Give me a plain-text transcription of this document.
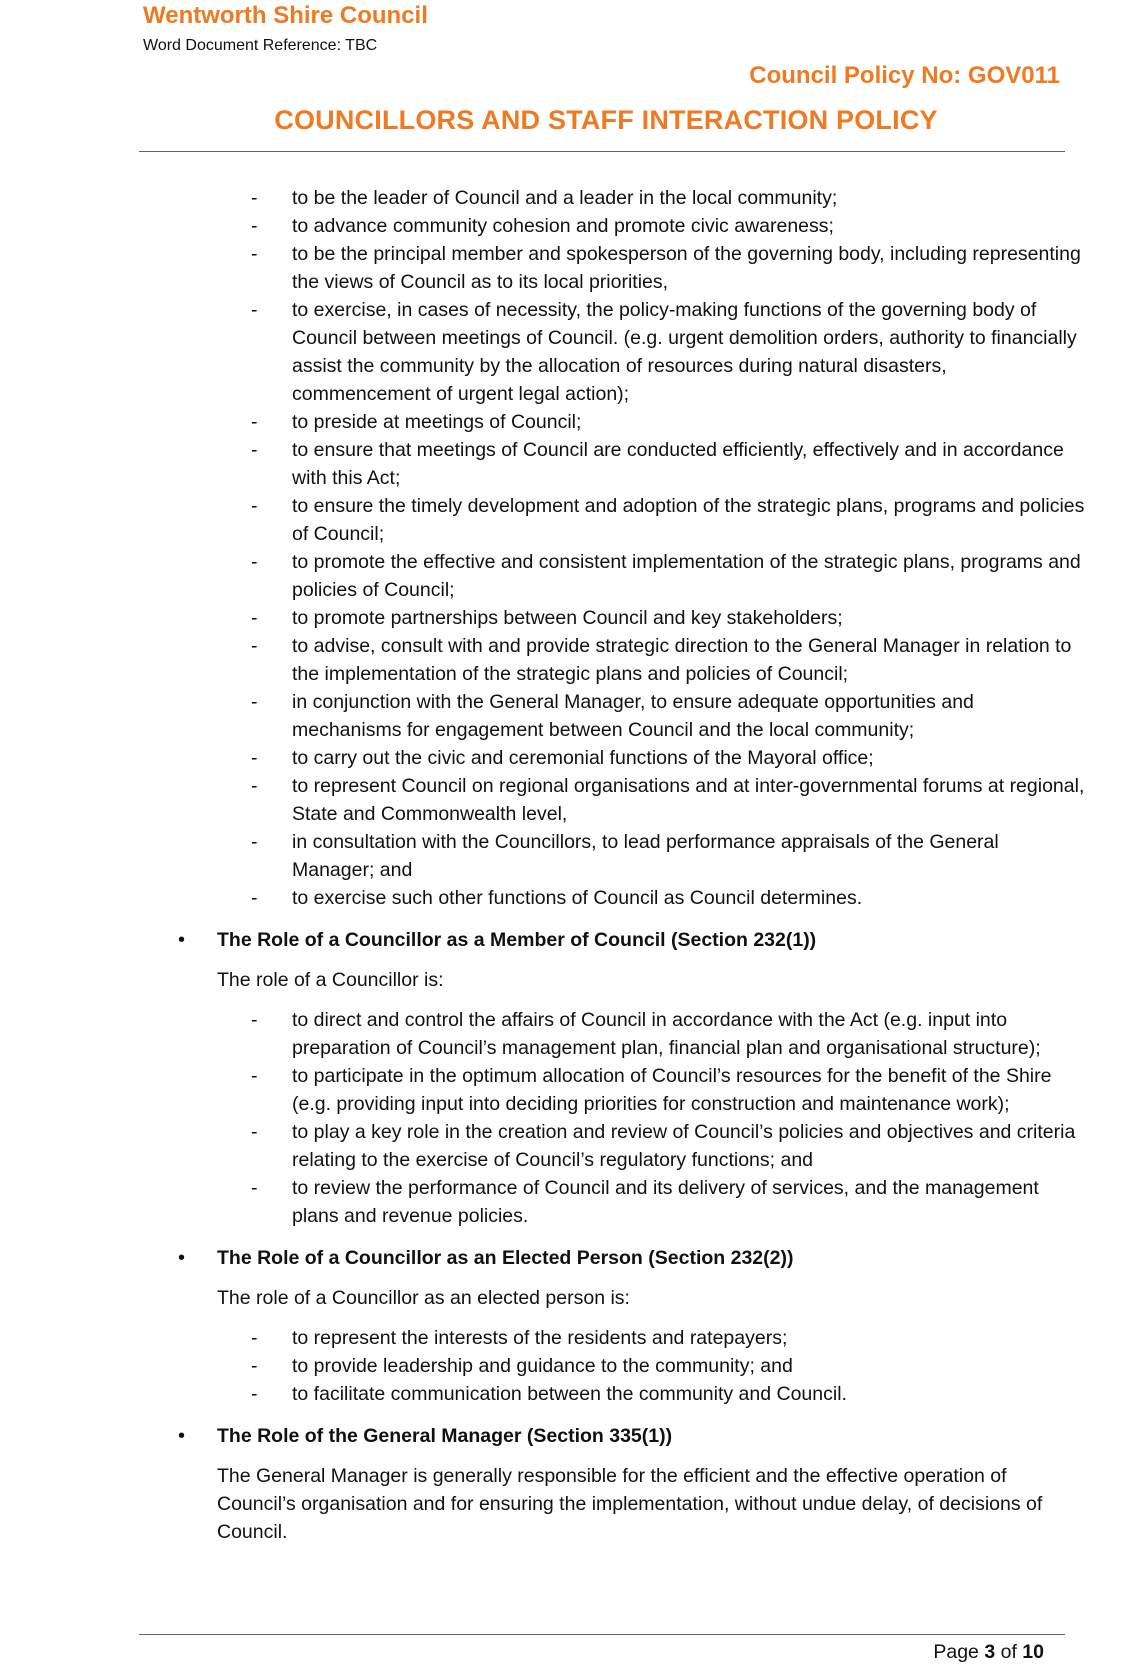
Wentworth Shire Council
Word Document Reference: TBC
Council Policy No: GOV011
COUNCILLORS AND STAFF INTERACTION POLICY
- to be the leader of Council and a leader in the local community;
- to advance community cohesion and promote civic awareness;
- to be the principal member and spokesperson of the governing body, including representing the views of Council as to its local priorities,
- to exercise, in cases of necessity, the policy-making functions of the governing body of Council between meetings of Council. (e.g. urgent demolition orders, authority to financially assist the community by the allocation of resources during natural disasters, commencement of urgent legal action);
- to preside at meetings of Council;
- to ensure that meetings of Council are conducted efficiently, effectively and in accordance with this Act;
- to ensure the timely development and adoption of the strategic plans, programs and policies of Council;
- to promote the effective and consistent implementation of the strategic plans, programs and policies of Council;
- to promote partnerships between Council and key stakeholders;
- to advise, consult with and provide strategic direction to the General Manager in relation to the implementation of the strategic plans and policies of Council;
- in conjunction with the General Manager, to ensure adequate opportunities and mechanisms for engagement between Council and the local community;
- to carry out the civic and ceremonial functions of the Mayoral office;
- to represent Council on regional organisations and at inter-governmental forums at regional, State and Commonwealth level,
- in consultation with the Councillors, to lead performance appraisals of the General Manager; and
- to exercise such other functions of Council as Council determines.
• The Role of a Councillor as a Member of Council (Section 232(1))

The role of a Councillor is:

- to direct and control the affairs of Council in accordance with the Act (e.g. input into preparation of Council’s management plan, financial plan and organisational structure);
- to participate in the optimum allocation of Council’s resources for the benefit of the Shire (e.g. providing input into deciding priorities for construction and maintenance work);
- to play a key role in the creation and review of Council’s policies and objectives and criteria relating to the exercise of Council’s regulatory functions; and
- to review the performance of Council and its delivery of services, and the management plans and revenue policies.
• The Role of a Councillor as an Elected Person (Section 232(2))

The role of a Councillor as an elected person is:

- to represent the interests of the residents and ratepayers;
- to provide leadership and guidance to the community; and
- to facilitate communication between the community and Council.
• The Role of the General Manager (Section 335(1))

The General Manager is generally responsible for the efficient and the effective operation of Council’s organisation and for ensuring the implementation, without undue delay, of decisions of Council.

Page 3 of 10
